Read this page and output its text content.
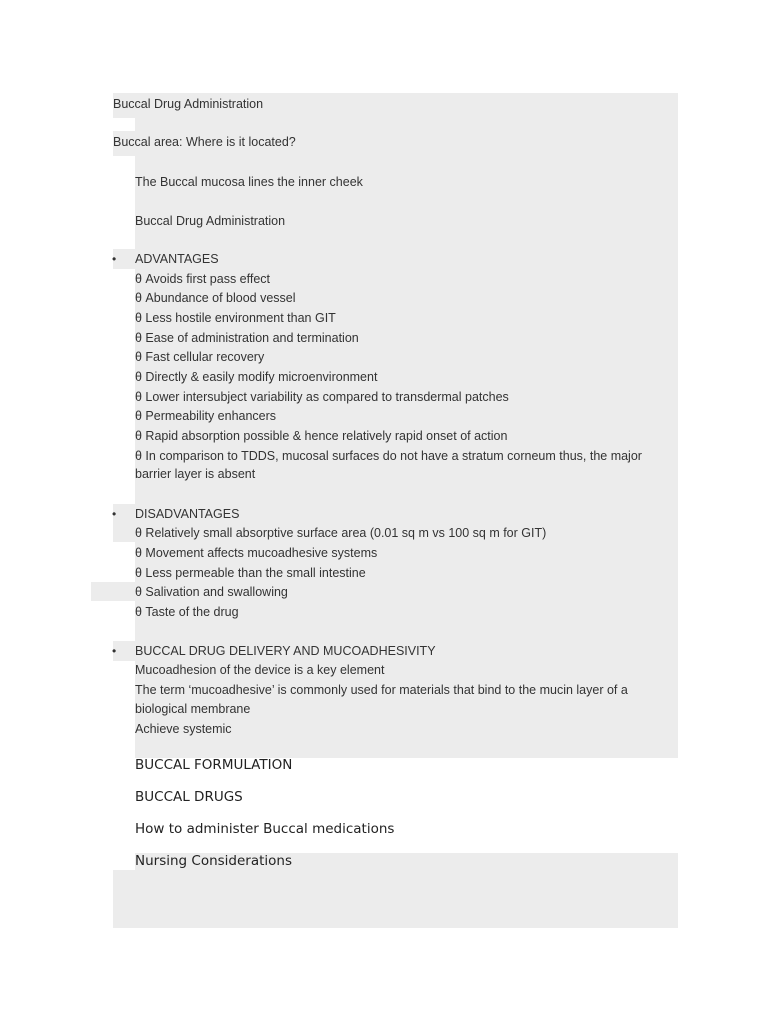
Buccal Drug Administration
Buccal area: Where is it located?
The Buccal mucosa lines the inner cheek
Buccal Drug Administration
• ADVANTAGES
θ Avoids first pass effect
θ Abundance of blood vessel
θ Less hostile environment than GIT
θ Ease of administration and termination
θ Fast cellular recovery
θ Directly & easily modify microenvironment
θ Lower intersubject variability as compared to transdermal patches
θ Permeability enhancers
θ Rapid absorption possible & hence relatively rapid onset of action
θ In comparison to TDDS, mucosal surfaces do not have a stratum corneum thus, the major
barrier layer is absent
• DISADVANTAGES
θ Relatively small absorptive surface area (0.01 sq m vs 100 sq m for GIT)
θ Movement affects mucoadhesive systems
θ Less permeable than the small intestine
θ Salivation and swallowing
θ Taste of the drug
• BUCCAL DRUG DELIVERY AND MUCOADHESIVITY
Mucoadhesion of the device is a key element
The term ‘mucoadhesive’ is commonly used for materials that bind to the mucin layer of a
biological membrane
Achieve systemic
BUCCAL FORMULATION
BUCCAL DRUGS
How to administer Buccal medications
Nursing Considerations
